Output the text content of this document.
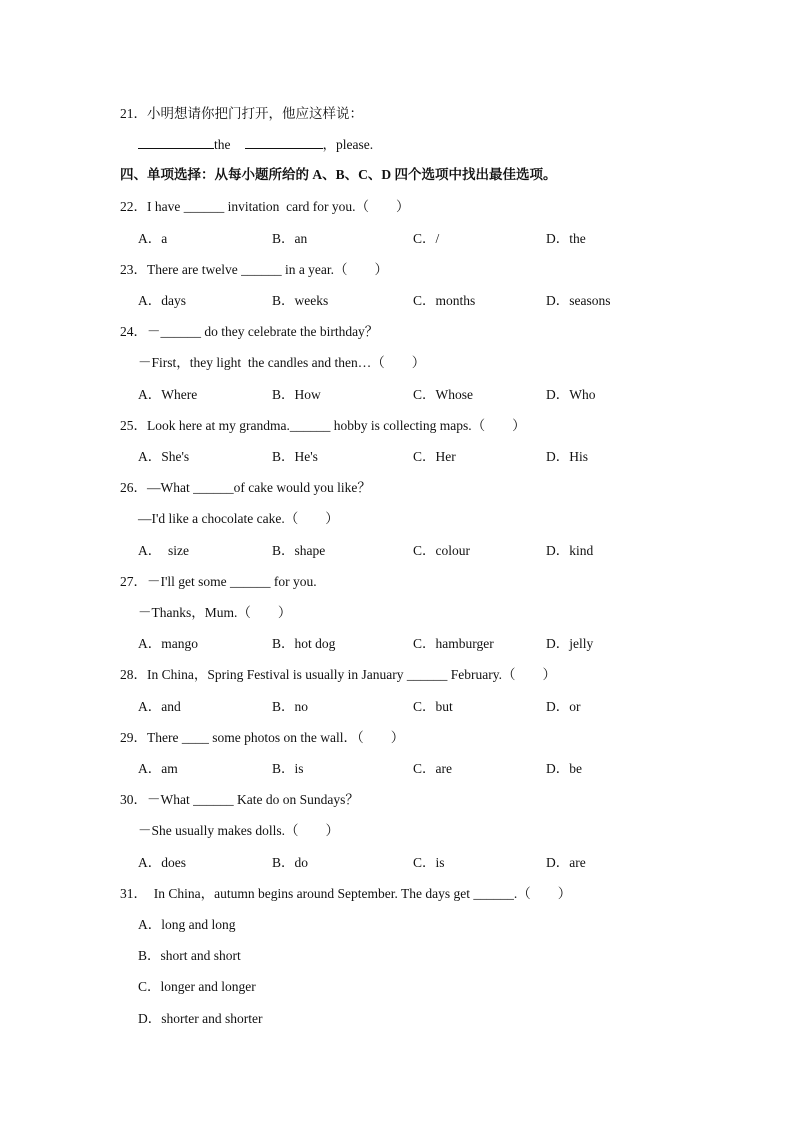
21．小明想请你把门打开，他应这样说：
the	，please.
四、单项选择：从每小题所给的 A、B、C、D 四个选项中找出最佳选项。
22．I have ______ invitation  card for you.（　　）
A．a	B．an	C．/	D．the
23．There are twelve ______ in a year.（　　）
A．days	B．weeks	C．months	D．seasons
24．－______ do they celebrate the birthday？
－First，they light  the candles and then…（　　）
A．Where	B．How	C．Whose	D．Who
25．Look here at my grandma.______ hobby is collecting maps.（　　）
A．She's	B．He's	C．Her	D．His
26．—What ______of cake would you like？
—I'd like a chocolate cake.（　　）
A．  size	B．shape	C．colour	D．kind
27．－I'll get some ______ for you.
－Thanks，Mum.（　　）
A．mango	B．hot dog	C．hamburger	D．jelly
28．In China，Spring Festival is usually in January ______ February.（　　）
A．and	B．no	C．but	D．or
29．There ____ some photos on the wall．（　　）
A．am	B．is	C．are	D．be
30．－What ______ Kate do on Sundays？
－She usually makes dolls.（　　）
A．does	B．do	C．is	D．are
31．  In China，autumn begins around September. The days get ______.（　　）
A．long and long
B．short and short
C．longer and longer
D．shorter and shorter
